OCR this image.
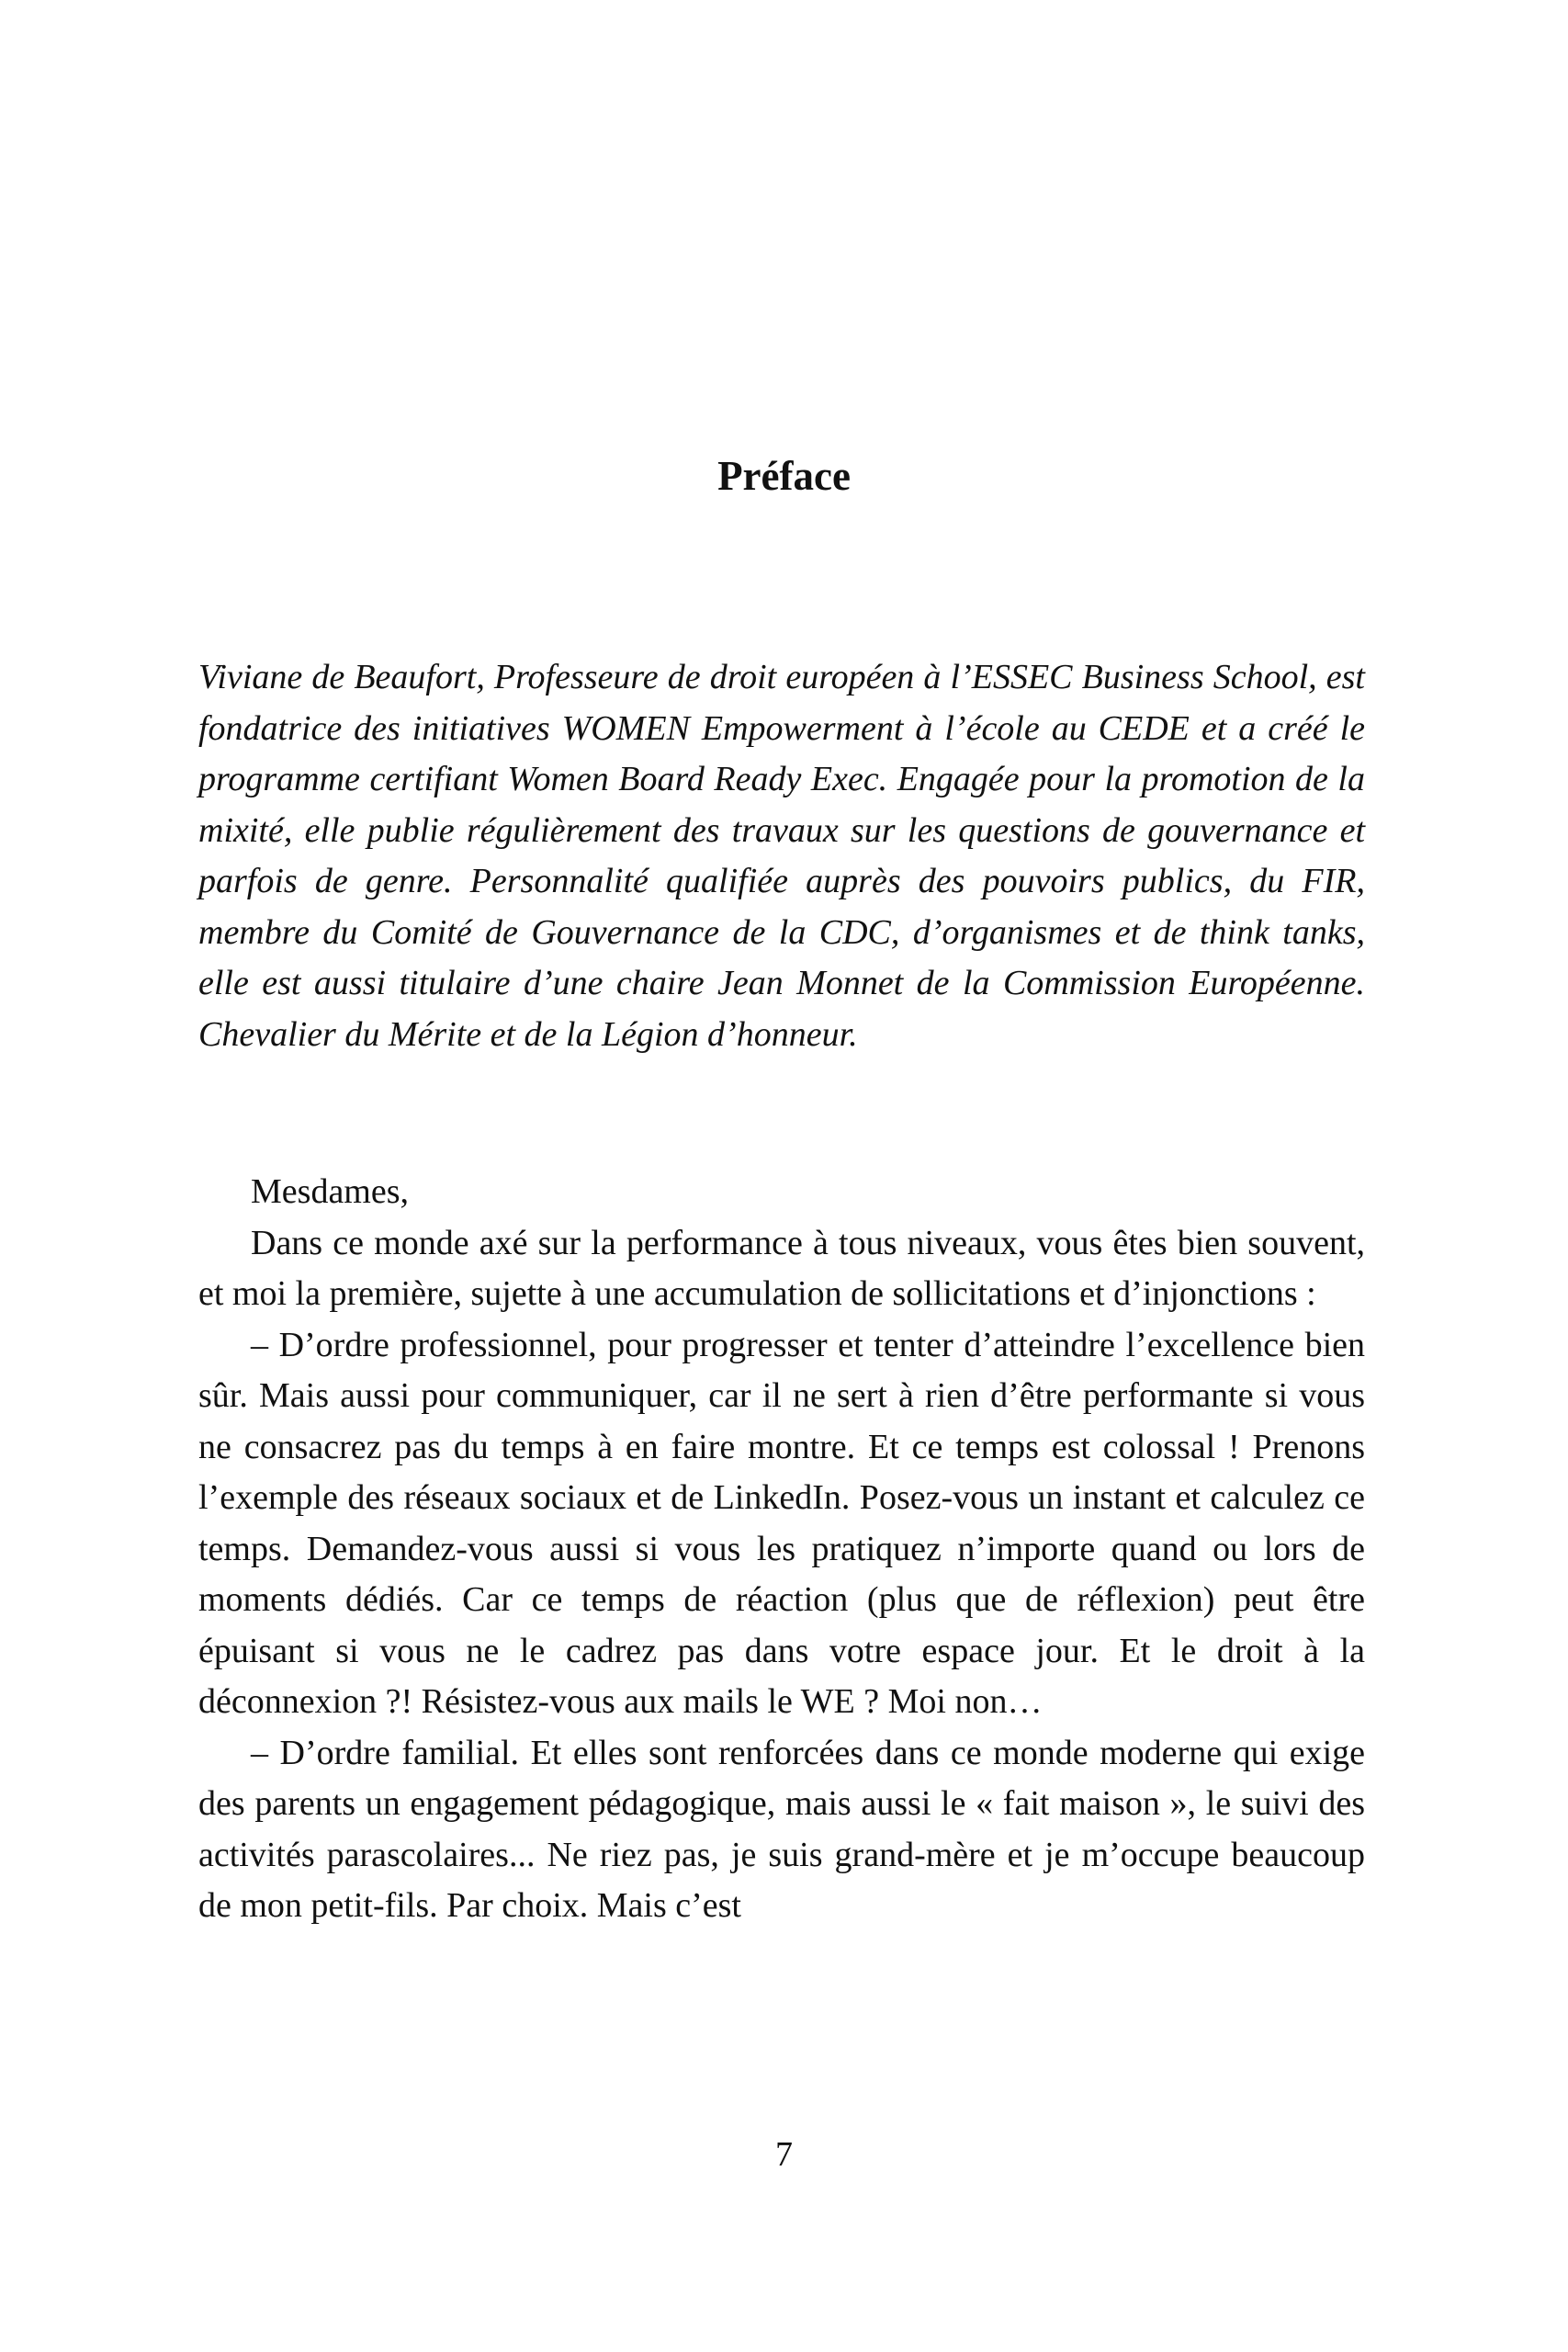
Préface

Viviane de Beaufort, Professeure de droit européen à l’ESSEC Business School, est fondatrice des initiatives WOMEN Empowerment à l’école au CEDE et a créé le programme certifiant Women Board Ready Exec. Engagée pour la promotion de la mixité, elle publie régulièrement des travaux sur les questions de gouvernance et parfois de genre. Personnalité qualifiée auprès des pouvoirs publics, du FIR, membre du Comité de Gouvernance de la CDC, d’organismes et de think tanks, elle est aussi titulaire d’une chaire Jean Monnet de la Commission Européenne. Chevalier du Mérite et de la Légion d’honneur.

Mesdames,

Dans ce monde axé sur la performance à tous niveaux, vous êtes bien souvent, et moi la première, sujette à une accumulation de sollicitations et d’injonctions :

– D’ordre professionnel, pour progresser et tenter d’atteindre l’excellence bien sûr. Mais aussi pour communiquer, car il ne sert à rien d’être performante si vous ne consacrez pas du temps à en faire montre. Et ce temps est colossal ! Prenons l’exemple des réseaux sociaux et de LinkedIn. Posez-vous un instant et calculez ce temps. Demandez-vous aussi si vous les pratiquez n’importe quand ou lors de moments dédiés. Car ce temps de réaction (plus que de réflexion) peut être épuisant si vous ne le cadrez pas dans votre espace jour. Et le droit à la déconnexion ?! Résistez-vous aux mails le WE ? Moi non…

– D’ordre familial. Et elles sont renforcées dans ce monde moderne qui exige des parents un engagement pédagogique, mais aussi le « fait maison », le suivi des activités parascolaires... Ne riez pas, je suis grand-mère et je m’occupe beaucoup de mon petit-fils. Par choix. Mais c’est

7
